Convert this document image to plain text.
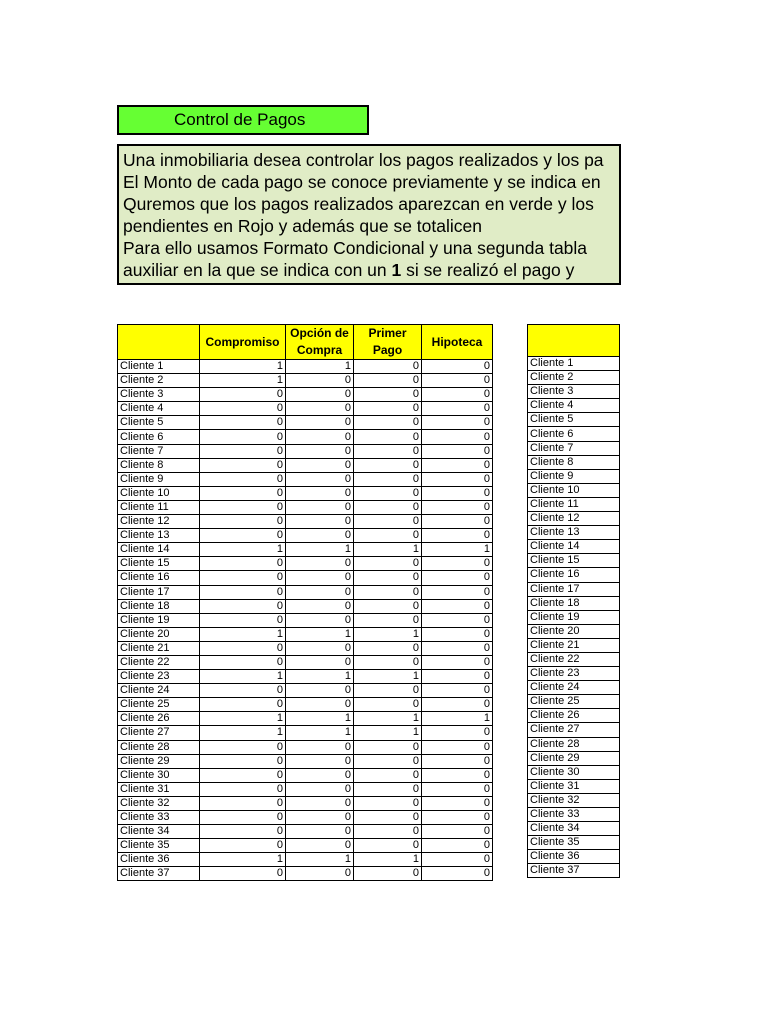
Control de Pagos
Una inmobiliaria desea controlar los pagos realizados y los pa
El Monto de cada pago se conoce previamente y se indica en
Quremos que los pagos realizados aparezcan en verde y los
pendientes en Rojo y además que se totalicen
Para ello usamos Formato Condicional y una segunda tabla
auxiliar en la que se indica con un 1 si se realizó el pago y
	Compromiso	Opción de Compra	Primer Pago	Hipoteca
Cliente 1	1	1	0	0
Cliente 2	1	0	0	0
Cliente 3	0	0	0	0
Cliente 4	0	0	0	0
Cliente 5	0	0	0	0
Cliente 6	0	0	0	0
Cliente 7	0	0	0	0
Cliente 8	0	0	0	0
Cliente 9	0	0	0	0
Cliente 10	0	0	0	0
Cliente 11	0	0	0	0
Cliente 12	0	0	0	0
Cliente 13	0	0	0	0
Cliente 14	1	1	1	1
Cliente 15	0	0	0	0
Cliente 16	0	0	0	0
Cliente 17	0	0	0	0
Cliente 18	0	0	0	0
Cliente 19	0	0	0	0
Cliente 20	1	1	1	0
Cliente 21	0	0	0	0
Cliente 22	0	0	0	0
Cliente 23	1	1	1	0
Cliente 24	0	0	0	0
Cliente 25	0	0	0	0
Cliente 26	1	1	1	1
Cliente 27	1	1	1	0
Cliente 28	0	0	0	0
Cliente 29	0	0	0	0
Cliente 30	0	0	0	0
Cliente 31	0	0	0	0
Cliente 32	0	0	0	0
Cliente 33	0	0	0	0
Cliente 34	0	0	0	0
Cliente 35	0	0	0	0
Cliente 36	1	1	1	0
Cliente 37	0	0	0	0

Cliente 1
Cliente 2
Cliente 3
Cliente 4
Cliente 5
Cliente 6
Cliente 7
Cliente 8
Cliente 9
Cliente 10
Cliente 11
Cliente 12
Cliente 13
Cliente 14
Cliente 15
Cliente 16
Cliente 17
Cliente 18
Cliente 19
Cliente 20
Cliente 21
Cliente 22
Cliente 23
Cliente 24
Cliente 25
Cliente 26
Cliente 27
Cliente 28
Cliente 29
Cliente 30
Cliente 31
Cliente 32
Cliente 33
Cliente 34
Cliente 35
Cliente 36
Cliente 37
